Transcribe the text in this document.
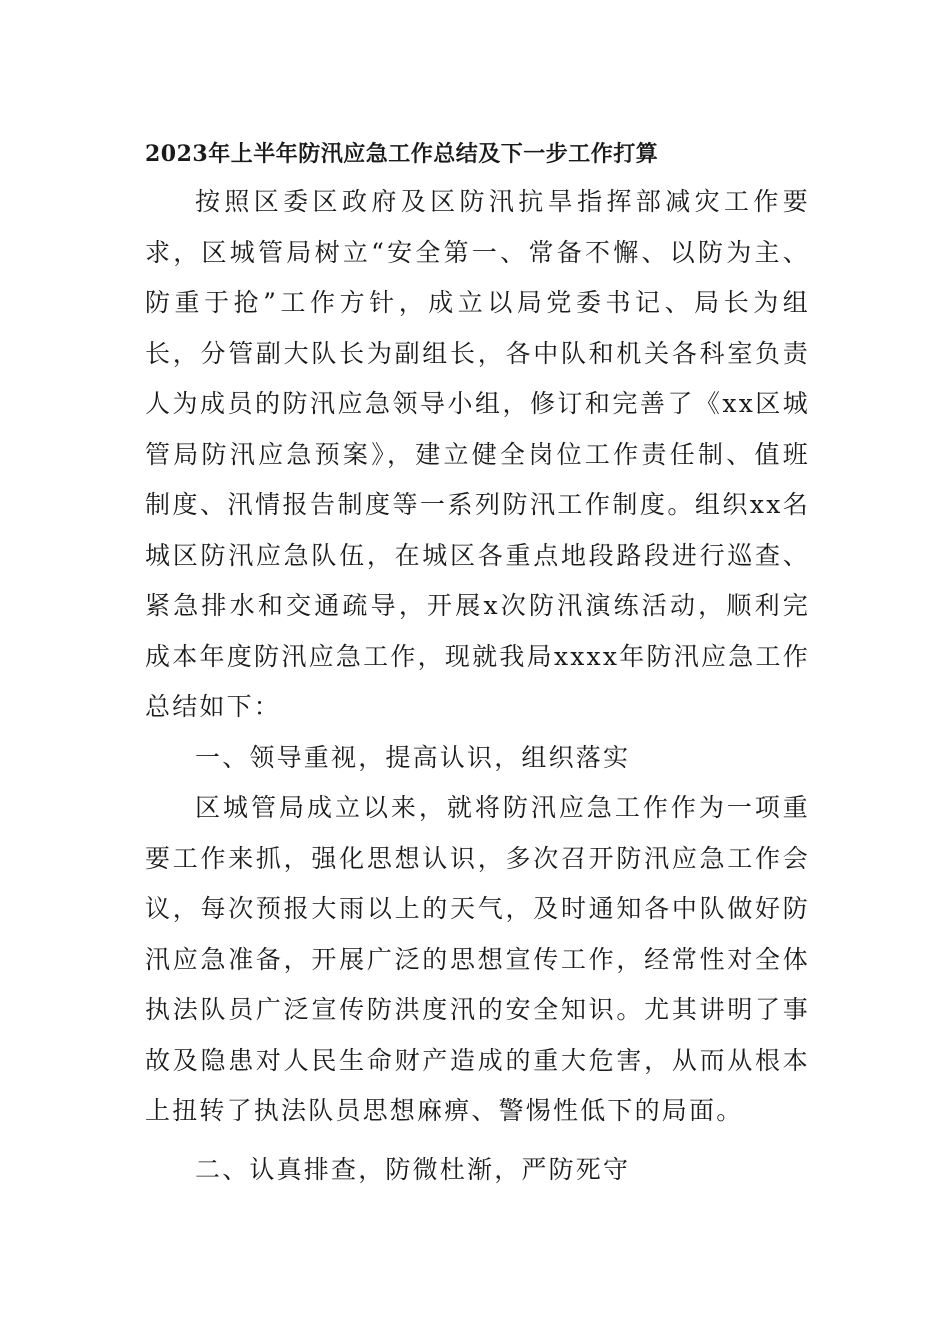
2023年上半年防汛应急工作总结及下一步工作打算

按照区委区政府及区防汛抗旱指挥部减灾工作要求，区城管局树立“安全第一、常备不懈、以防为主、防重于抢”工作方针，成立以局党委书记、局长为组长，分管副大队长为副组长，各中队和机关各科室负责人为成员的防汛应急领导小组，修订和完善了《xx区城管局防汛应急预案》，建立健全岗位工作责任制、值班制度、汛情报告制度等一系列防汛工作制度。组织xx名城区防汛应急队伍，在城区各重点地段路段进行巡查、紧急排水和交通疏导，开展x次防汛演练活动，顺利完成本年度防汛应急工作，现就我局xxxx年防汛应急工作总结如下：

一、领导重视，提高认识，组织落实

区城管局成立以来，就将防汛应急工作作为一项重要工作来抓，强化思想认识，多次召开防汛应急工作会议，每次预报大雨以上的天气，及时通知各中队做好防汛应急准备，开展广泛的思想宣传工作，经常性对全体执法队员广泛宣传防洪度汛的安全知识。尤其讲明了事故及隐患对人民生命财产造成的重大危害，从而从根本上扭转了执法队员思想麻痹、警惕性低下的局面。

二、认真排查，防微杜渐，严防死守
